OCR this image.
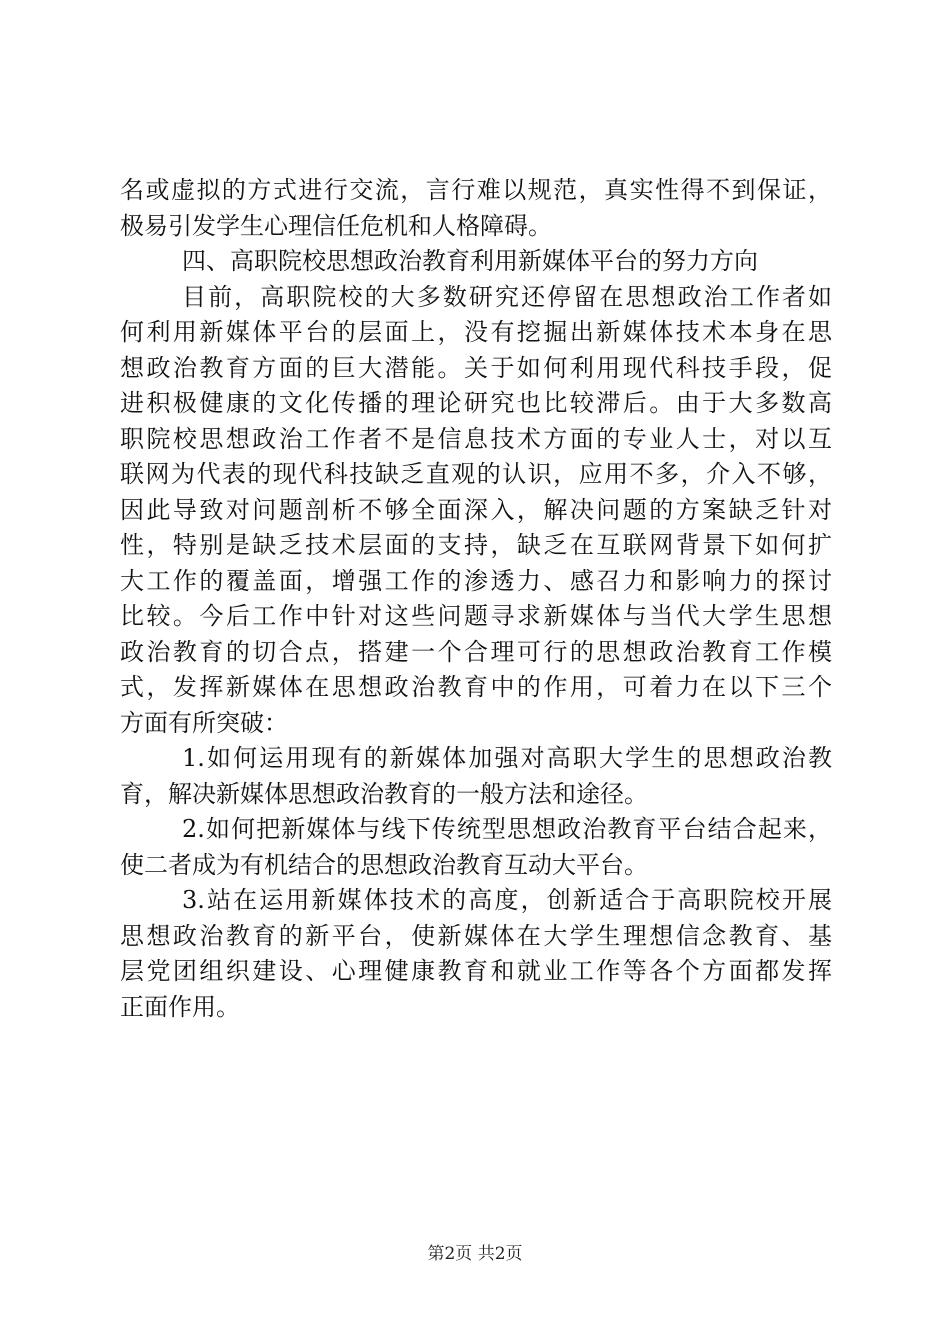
名或虚拟的方式进行交流，言行难以规范，真实性得不到保证，
极易引发学生心理信任危机和人格障碍。
四、高职院校思想政治教育利用新媒体平台的努力方向
目前，高职院校的大多数研究还停留在思想政治工作者如
何利用新媒体平台的层面上，没有挖掘出新媒体技术本身在思
想政治教育方面的巨大潜能。关于如何利用现代科技手段，促
进积极健康的文化传播的理论研究也比较滞后。由于大多数高
职院校思想政治工作者不是信息技术方面的专业人士，对以互
联网为代表的现代科技缺乏直观的认识，应用不多，介入不够，
因此导致对问题剖析不够全面深入，解决问题的方案缺乏针对
性，特别是缺乏技术层面的支持，缺乏在互联网背景下如何扩
大工作的覆盖面，增强工作的渗透力、感召力和影响力的探讨
比较。今后工作中针对这些问题寻求新媒体与当代大学生思想
政治教育的切合点，搭建一个合理可行的思想政治教育工作模
式，发挥新媒体在思想政治教育中的作用，可着力在以下三个
方面有所突破：
1.如何运用现有的新媒体加强对高职大学生的思想政治教
育，解决新媒体思想政治教育的一般方法和途径。
2.如何把新媒体与线下传统型思想政治教育平台结合起来，
使二者成为有机结合的思想政治教育互动大平台。
3.站在运用新媒体技术的高度，创新适合于高职院校开展
思想政治教育的新平台，使新媒体在大学生理想信念教育、基
层党团组织建设、心理健康教育和就业工作等各个方面都发挥
正面作用。
第2页 共2页
